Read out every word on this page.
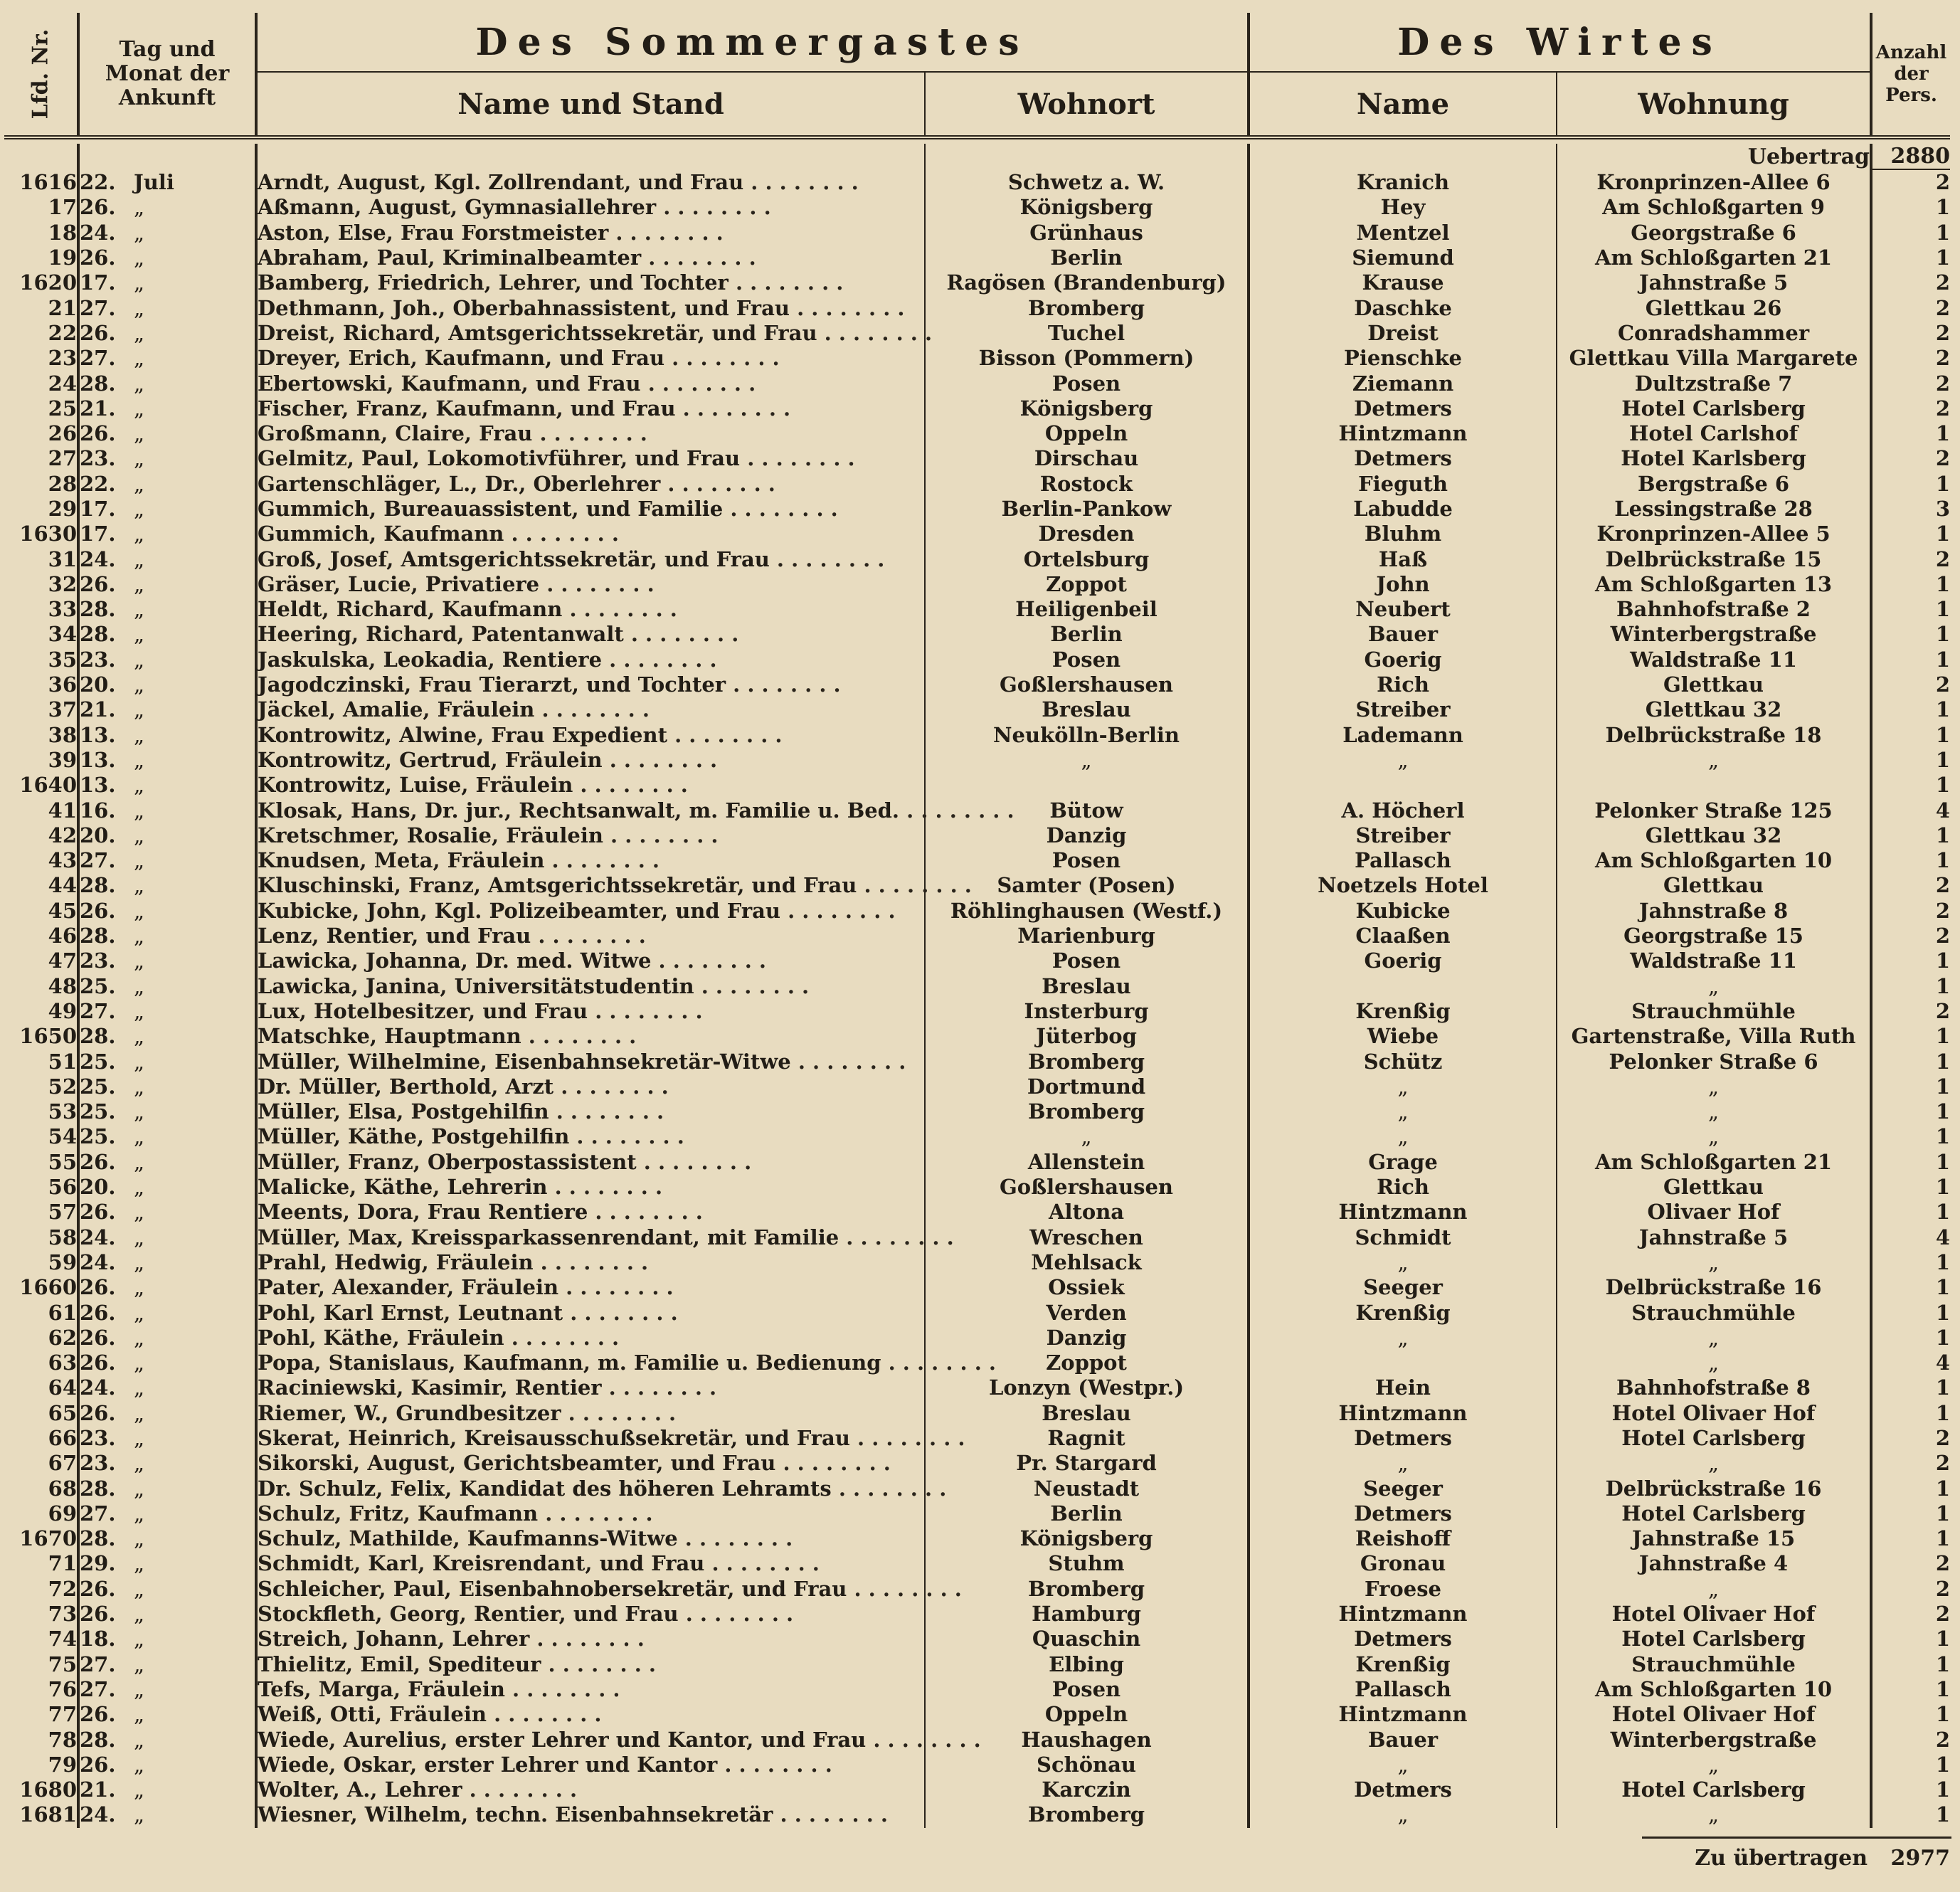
Lfd. Nr.	Tag und Monat der Ankunft		Des Sommergastes		Des Wirtes		Anzahl der Pers.
			Name und Stand	Wohnort	Name	Wohnung	

						Uebertrag	2880
1616	22.	Juli	Arndt, August, Kgl. Zollrendant, und Frau . . . . . . . .	Schwetz a. W.	Kranich	Kronprinzen-Allee 6	2
17	26.	„	Aßmann, August, Gymnasiallehrer . . . . . . . .	Königsberg	Hey	Am Schloßgarten 9	1
18	24.	„	Aston, Else, Frau Forstmeister . . . . . . . .	Grünhaus	Mentzel	Georgstraße 6	1
19	26.	„	Abraham, Paul, Kriminalbeamter . . . . . . . .	Berlin	Siemund	Am Schloßgarten 21	1
1620	17.	„	Bamberg, Friedrich, Lehrer, und Tochter . . . . . . . .	Ragösen (Brandenburg)	Krause	Jahnstraße 5	2
21	27.	„	Dethmann, Joh., Oberbahnassistent, und Frau . . . . . . . .	Bromberg	Daschke	Glettkau 26	2
22	26.	„	Dreist, Richard, Amtsgerichtssekretär, und Frau . . . . . . . .	Tuchel	Dreist	Conradshammer	2
23	27.	„	Dreyer, Erich, Kaufmann, und Frau . . . . . . . .	Bisson (Pommern)	Pienschke	Glettkau Villa Margarete	2
24	28.	„	Ebertowski, Kaufmann, und Frau . . . . . . . .	Posen	Ziemann	Dultzstraße 7	2
25	21.	„	Fischer, Franz, Kaufmann, und Frau . . . . . . . .	Königsberg	Detmers	Hotel Carlsberg	2
26	26.	„	Großmann, Claire, Frau . . . . . . . .	Oppeln	Hintzmann	Hotel Carlshof	1
27	23.	„	Gelmitz, Paul, Lokomotivführer, und Frau . . . . . . . .	Dirschau	Detmers	Hotel Karlsberg	2
28	22.	„	Gartenschläger, L., Dr., Oberlehrer . . . . . . . .	Rostock	Fieguth	Bergstraße 6	1
29	17.	„	Gummich, Bureauassistent, und Familie . . . . . . . .	Berlin-Pankow	Labudde	Lessingstraße 28	3
1630	17.	„	Gummich, Kaufmann . . . . . . . .	Dresden	Bluhm	Kronprinzen-Allee 5	1
31	24.	„	Groß, Josef, Amtsgerichtssekretär, und Frau . . . . . . . .	Ortelsburg	Haß	Delbrückstraße 15	2
32	26.	„	Gräser, Lucie, Privatiere . . . . . . . .	Zoppot	John	Am Schloßgarten 13	1
33	28.	„	Heldt, Richard, Kaufmann . . . . . . . .	Heiligenbeil	Neubert	Bahnhofstraße 2	1
34	28.	„	Heering, Richard, Patentanwalt . . . . . . . .	Berlin	Bauer	Winterbergstraße	1
35	23.	„	Jaskulska, Leokadia, Rentiere . . . . . . . .	Posen	Goerig	Waldstraße 11	1
36	20.	„	Jagodczinski, Frau Tierarzt, und Tochter . . . . . . . .	Goßlershausen	Rich	Glettkau	2
37	21.	„	Jäckel, Amalie, Fräulein . . . . . . . .	Breslau	Streiber	Glettkau 32	1
38	13.	„	Kontrowitz, Alwine, Frau Expedient . . . . . . . .	Neukölln-Berlin	Lademann	Delbrückstraße 18	1
39	13.	„	Kontrowitz, Gertrud, Fräulein . . . . . . . .	„	„	„	1
1640	13.	„	Kontrowitz, Luise, Fräulein . . . . . . . .				1
41	16.	„	Klosak, Hans, Dr. jur., Rechtsanwalt, m. Familie u. Bed. . . . . . . . .	Bütow	A. Höcherl	Pelonker Straße 125	4
42	20.	„	Kretschmer, Rosalie, Fräulein . . . . . . . .	Danzig	Streiber	Glettkau 32	1
43	27.	„	Knudsen, Meta, Fräulein . . . . . . . .	Posen	Pallasch	Am Schloßgarten 10	1
44	28.	„	Kluschinski, Franz, Amtsgerichtssekretär, und Frau . . . . . . . .	Samter (Posen)	Noetzels Hotel	Glettkau	2
45	26.	„	Kubicke, John, Kgl. Polizeibeamter, und Frau . . . . . . . .	Röhlinghausen (Westf.)	Kubicke	Jahnstraße 8	2
46	28.	„	Lenz, Rentier, und Frau . . . . . . . .	Marienburg	Claaßen	Georgstraße 15	2
47	23.	„	Lawicka, Johanna, Dr. med. Witwe . . . . . . . .	Posen	Goerig	Waldstraße 11	1
48	25.	„	Lawicka, Janina, Universitätstudentin . . . . . . . .	Breslau		„	1
49	27.	„	Lux, Hotelbesitzer, und Frau . . . . . . . .	Insterburg	Krenßig	Strauchmühle	2
1650	28.	„	Matschke, Hauptmann . . . . . . . .	Jüterbog	Wiebe	Gartenstraße, Villa Ruth	1
51	25.	„	Müller, Wilhelmine, Eisenbahnsekretär-Witwe . . . . . . . .	Bromberg	Schütz	Pelonker Straße 6	1
52	25.	„	Dr. Müller, Berthold, Arzt . . . . . . . .	Dortmund	„	„	1
53	25.	„	Müller, Elsa, Postgehilfin . . . . . . . .	Bromberg	„	„	1
54	25.	„	Müller, Käthe, Postgehilfin . . . . . . . .	„	„	„	1
55	26.	„	Müller, Franz, Oberpostassistent . . . . . . . .	Allenstein	Grage	Am Schloßgarten 21	1
56	20.	„	Malicke, Käthe, Lehrerin . . . . . . . .	Goßlershausen	Rich	Glettkau	1
57	26.	„	Meents, Dora, Frau Rentiere . . . . . . . .	Altona	Hintzmann	Olivaer Hof	1
58	24.	„	Müller, Max, Kreissparkassenrendant, mit Familie . . . . . . . .	Wreschen	Schmidt	Jahnstraße 5	4
59	24.	„	Prahl, Hedwig, Fräulein . . . . . . . .	Mehlsack	„	„	1
1660	26.	„	Pater, Alexander, Fräulein . . . . . . . .	Ossiek	Seeger	Delbrückstraße 16	1
61	26.	„	Pohl, Karl Ernst, Leutnant . . . . . . . .	Verden	Krenßig	Strauchmühle	1
62	26.	„	Pohl, Käthe, Fräulein . . . . . . . .	Danzig	„	„	1
63	26.	„	Popa, Stanislaus, Kaufmann, m. Familie u. Bedienung . . . . . . . .	Zoppot		„	4
64	24.	„	Raciniewski, Kasimir, Rentier . . . . . . . .	Lonzyn (Westpr.)	Hein	Bahnhofstraße 8	1
65	26.	„	Riemer, W., Grundbesitzer . . . . . . . .	Breslau	Hintzmann	Hotel Olivaer Hof	1
66	23.	„	Skerat, Heinrich, Kreisausschußsekretär, und Frau . . . . . . . .	Ragnit	Detmers	Hotel Carlsberg	2
67	23.	„	Sikorski, August, Gerichtsbeamter, und Frau . . . . . . . .	Pr. Stargard	„	„	2
68	28.	„	Dr. Schulz, Felix, Kandidat des höheren Lehramts . . . . . . . .	Neustadt	Seeger	Delbrückstraße 16	1
69	27.	„	Schulz, Fritz, Kaufmann . . . . . . . .	Berlin	Detmers	Hotel Carlsberg	1
1670	28.	„	Schulz, Mathilde, Kaufmanns-Witwe . . . . . . . .	Königsberg	Reishoff	Jahnstraße 15	1
71	29.	„	Schmidt, Karl, Kreisrendant, und Frau . . . . . . . .	Stuhm	Gronau	Jahnstraße 4	2
72	26.	„	Schleicher, Paul, Eisenbahnobersekretär, und Frau . . . . . . . .	Bromberg	Froese	„	2
73	26.	„	Stockfleth, Georg, Rentier, und Frau . . . . . . . .	Hamburg	Hintzmann	Hotel Olivaer Hof	2
74	18.	„	Streich, Johann, Lehrer . . . . . . . .	Quaschin	Detmers	Hotel Carlsberg	1
75	27.	„	Thielitz, Emil, Spediteur . . . . . . . .	Elbing	Krenßig	Strauchmühle	1
76	27.	„	Tefs, Marga, Fräulein . . . . . . . .	Posen	Pallasch	Am Schloßgarten 10	1
77	26.	„	Weiß, Otti, Fräulein . . . . . . . .	Oppeln	Hintzmann	Hotel Olivaer Hof	1
78	28.	„	Wiede, Aurelius, erster Lehrer und Kantor, und Frau . . . . . . . .	Haushagen	Bauer	Winterbergstraße	2
79	26.	„	Wiede, Oskar, erster Lehrer und Kantor . . . . . . . .	Schönau	„	„	1
1680	21.	„	Wolter, A., Lehrer . . . . . . . .	Karczin	Detmers	Hotel Carlsberg	1
1681	24.	„	Wiesner, Wilhelm, techn. Eisenbahnsekretär . . . . . . . .	Bromberg	„	„	1
Zu übertragen 2977
